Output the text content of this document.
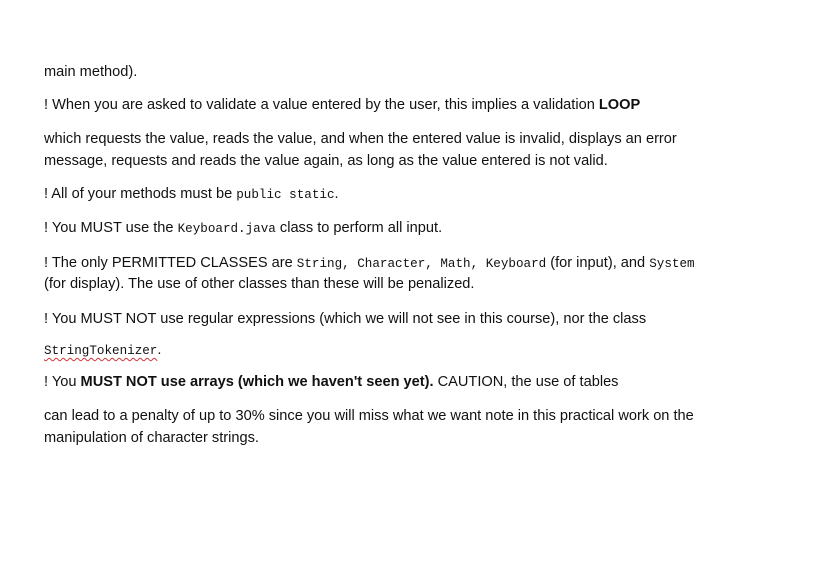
main method).
! When you are asked to validate a value entered by the user, this implies a validation LOOP
which requests the value, reads the value, and when the entered value is invalid, displays an error
message, requests and reads the value again, as long as the value entered is not valid.
! All of your methods must be public static.
! You MUST use the Keyboard.java class to perform all input.
! The only PERMITTED CLASSES are String, Character, Math, Keyboard (for input), and System
(for display). The use of other classes than these will be penalized.
! You MUST NOT use regular expressions (which we will not see in this course), nor the class
StringTokenizer.
! You MUST NOT use arrays (which we haven't seen yet). CAUTION, the use of tables
can lead to a penalty of up to 30% since you will miss what we want note in this practical work on the
manipulation of character strings.
